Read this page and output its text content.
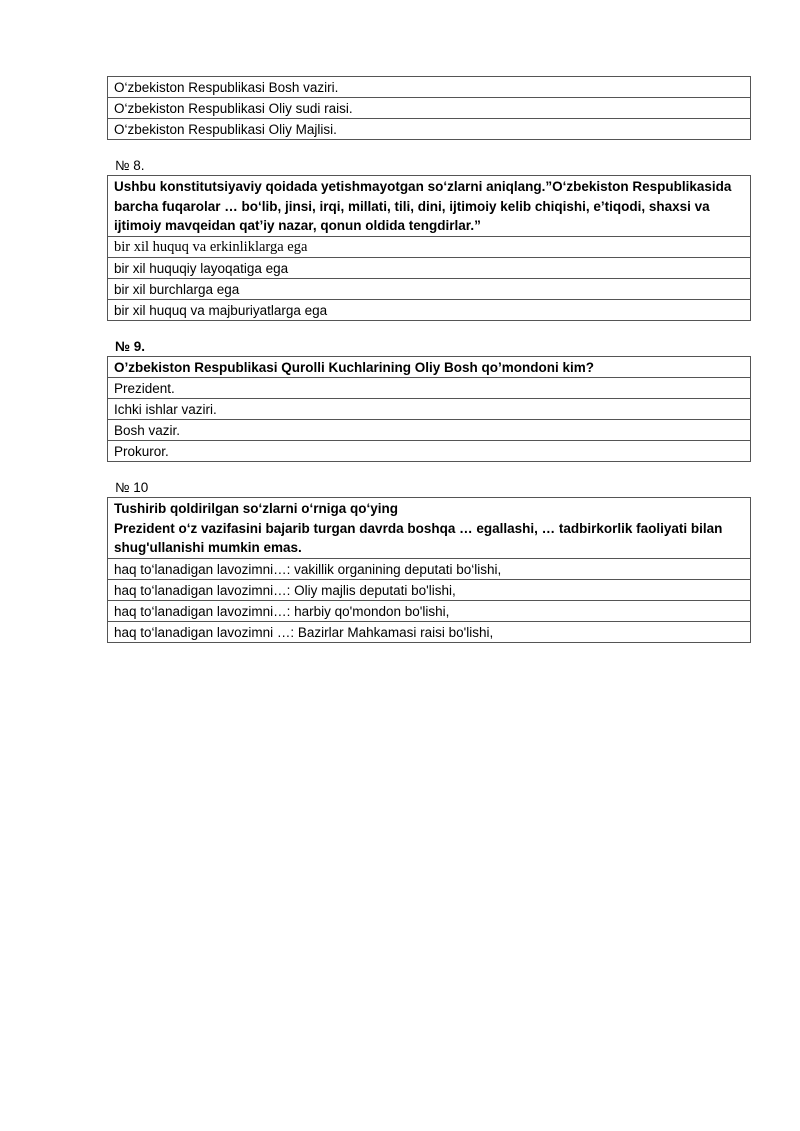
O‘zbekiston Respublikasi Bosh vaziri.
O‘zbekiston Respublikasi Oliy sudi raisi.
O‘zbekiston Respublikasi Oliy Majlisi.
№ 8.
Ushbu konstitutsiyaviy qoidada yetishmayotgan so‘zlarni aniqlang.”O‘zbekiston Respublikasida barcha fuqarolar … bo‘lib, jinsi, irqi, millati, tili, dini, ijtimoiy kelib chiqishi, e’tiqodi, shaxsi va ijtimoiy mavqeidan qat’iy nazar, qonun oldida tengdirlar.”
bir xil huquq va erkinliklarga ega
bir xil huquqiy layoqatiga ega
bir xil burchlarga ega
bir xil huquq va majburiyatlarga ega
№ 9.
O’zbekiston Respublikasi Qurolli Kuchlarining Oliy Bosh qo’mondoni kim?
Prezident.
Ichki ishlar vaziri.
Bosh vazir.
Prokuror.
№ 10
Tushirib qoldirilgan so‘zlarni o‘rniga qo‘ying
Prezident o‘z vazifasini bajarib turgan davrda boshqa … egallashi, … tadbirkorlik faoliyati bilan shug'ullanishi mumkin emas.

haq to‘lanadigan lavozimni…: vakillik organining deputati bo‘lishi,
haq to‘lanadigan lavozimni…: Oliy majlis deputati bo'lishi,
haq to‘lanadigan lavozimni…: harbiy qo'mondon bo'lishi,
haq to‘lanadigan lavozimni …: Bazirlar Mahkamasi raisi bo'lishi,
